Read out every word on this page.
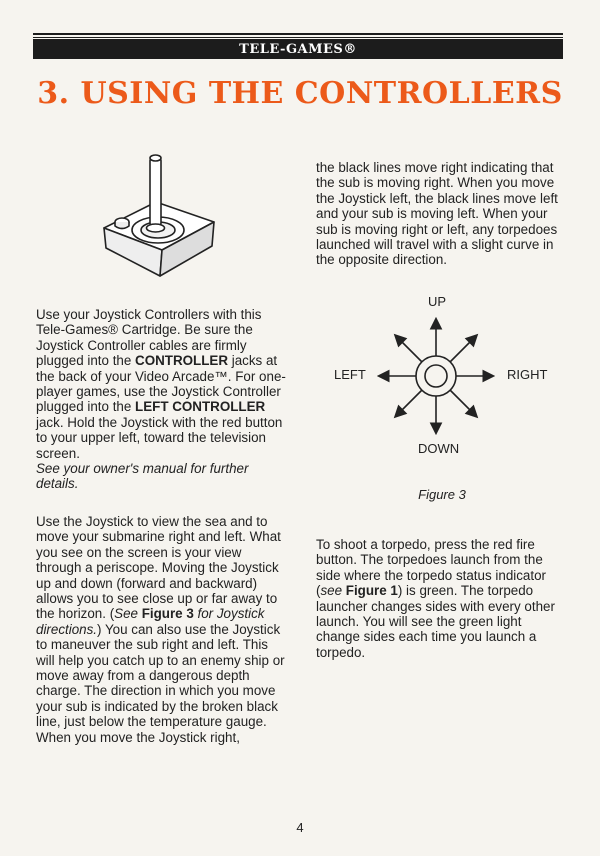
TELE-GAMES®
3. USING THE CONTROLLERS

Use your Joystick Controllers with this Tele-Games® Cartridge. Be sure the Joystick Controller cables are firmly plugged into the CONTROLLER jacks at the back of your Video Arcade™. For one-player games, use the Joystick Controller plugged into the LEFT CONTROLLER jack. Hold the Joystick with the red button to your upper left, toward the television screen.

See your owner's manual for further details.

Use the Joystick to view the sea and to move your submarine right and left. What you see on the screen is your view through a periscope. Moving the Joystick up and down (forward and backward) allows you to see close up or far away to the horizon. (See Figure 3 for Joystick directions.) You can also use the Joystick to maneuver the sub right and left. This will help you catch up to an enemy ship or move away from a dangerous depth charge. The direction in which you move your sub is indicated by the broken black line, just below the temperature gauge. When you move the Joystick right,

the black lines move right indicating that the sub is moving right. When you move the Joystick left, the black lines move left and your sub is moving left. When your sub is moving right or left, any torpedoes launched will travel with a slight curve in the opposite direction.

UP
LEFT	RIGHT
DOWN
Figure 3

To shoot a torpedo, press the red fire button. The torpedoes launch from the side where the torpedo status indicator (see Figure 1) is green. The torpedo launcher changes sides with every other launch. You will see the green light change sides each time you launch a torpedo.

4
